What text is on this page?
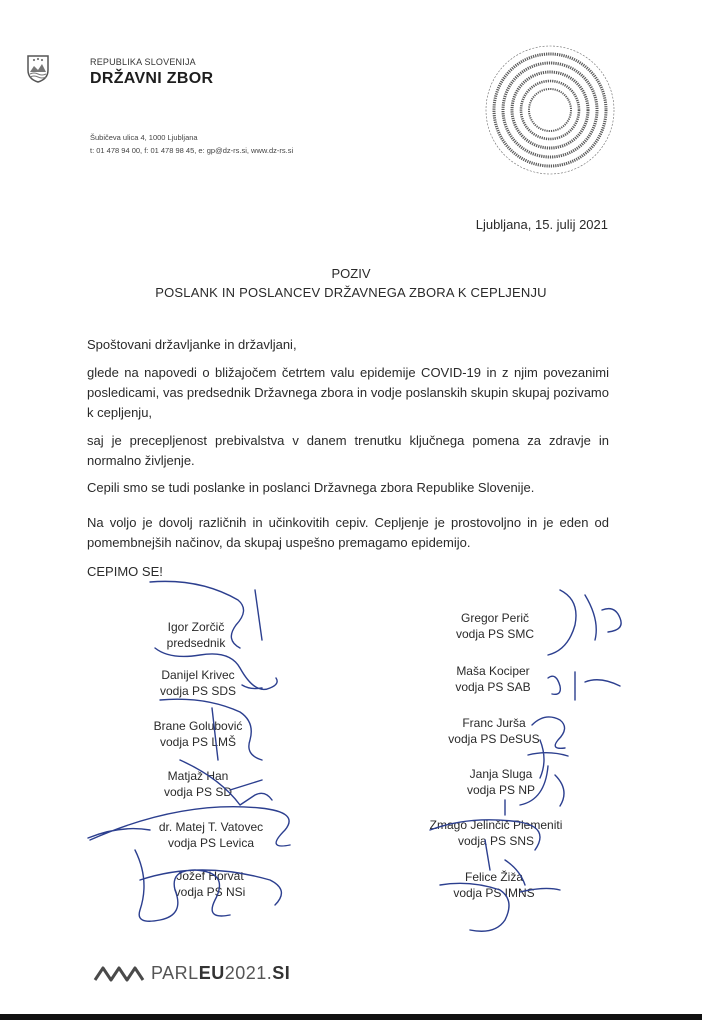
REPUBLIKA SLOVENIJA
DRŽAVNI ZBOR
Šubičeva ulica 4, 1000 Ljubljana
t: 01 478 94 00, f: 01 478 98 45, e: gp@dz-rs.si, www.dz-rs.si
Ljubljana, 15. julij 2021
POZIV
POSLANK IN POSLANCEV DRŽAVNEGA ZBORA K CEPLJENJU

Spoštovani državljanke in državljani,

glede na napovedi o bližajočem četrtem valu epidemije COVID-19 in z njim povezanimi posledicami, vas predsednik Državnega zbora in vodje poslanskih skupin skupaj pozivamo k cepljenju,

saj je precepljenost prebivalstva v danem trenutku ključnega pomena za zdravje in normalno življenje.

Cepili smo se tudi poslanke in poslanci Državnega zbora Republike Slovenije.

Na voljo je dovolj različnih in učinkovitih cepiv. Cepljenje je prostovoljno in je eden od pomembnejših načinov, da skupaj uspešno premagamo epidemijo.

CEPIMO SE!

Igor Zorčič
predsednik
Danijel Krivec
vodja PS SDS
Brane Golubović
vodja PS LMŠ
Matjaž Han
vodja PS SD
dr. Matej T. Vatovec
vodja PS Levica
Jožef Horvat
vodja PS NSi
Gregor Perič
vodja PS SMC
Maša Kociper
vodja PS SAB
Franc Jurša
vodja PS DeSUS
Janja Sluga
vodja PS NP
Zmago Jelinčič Plemeniti
vodja PS SNS
Felice Žiža
vodja PS IMNS
PARLEU2021.SI
